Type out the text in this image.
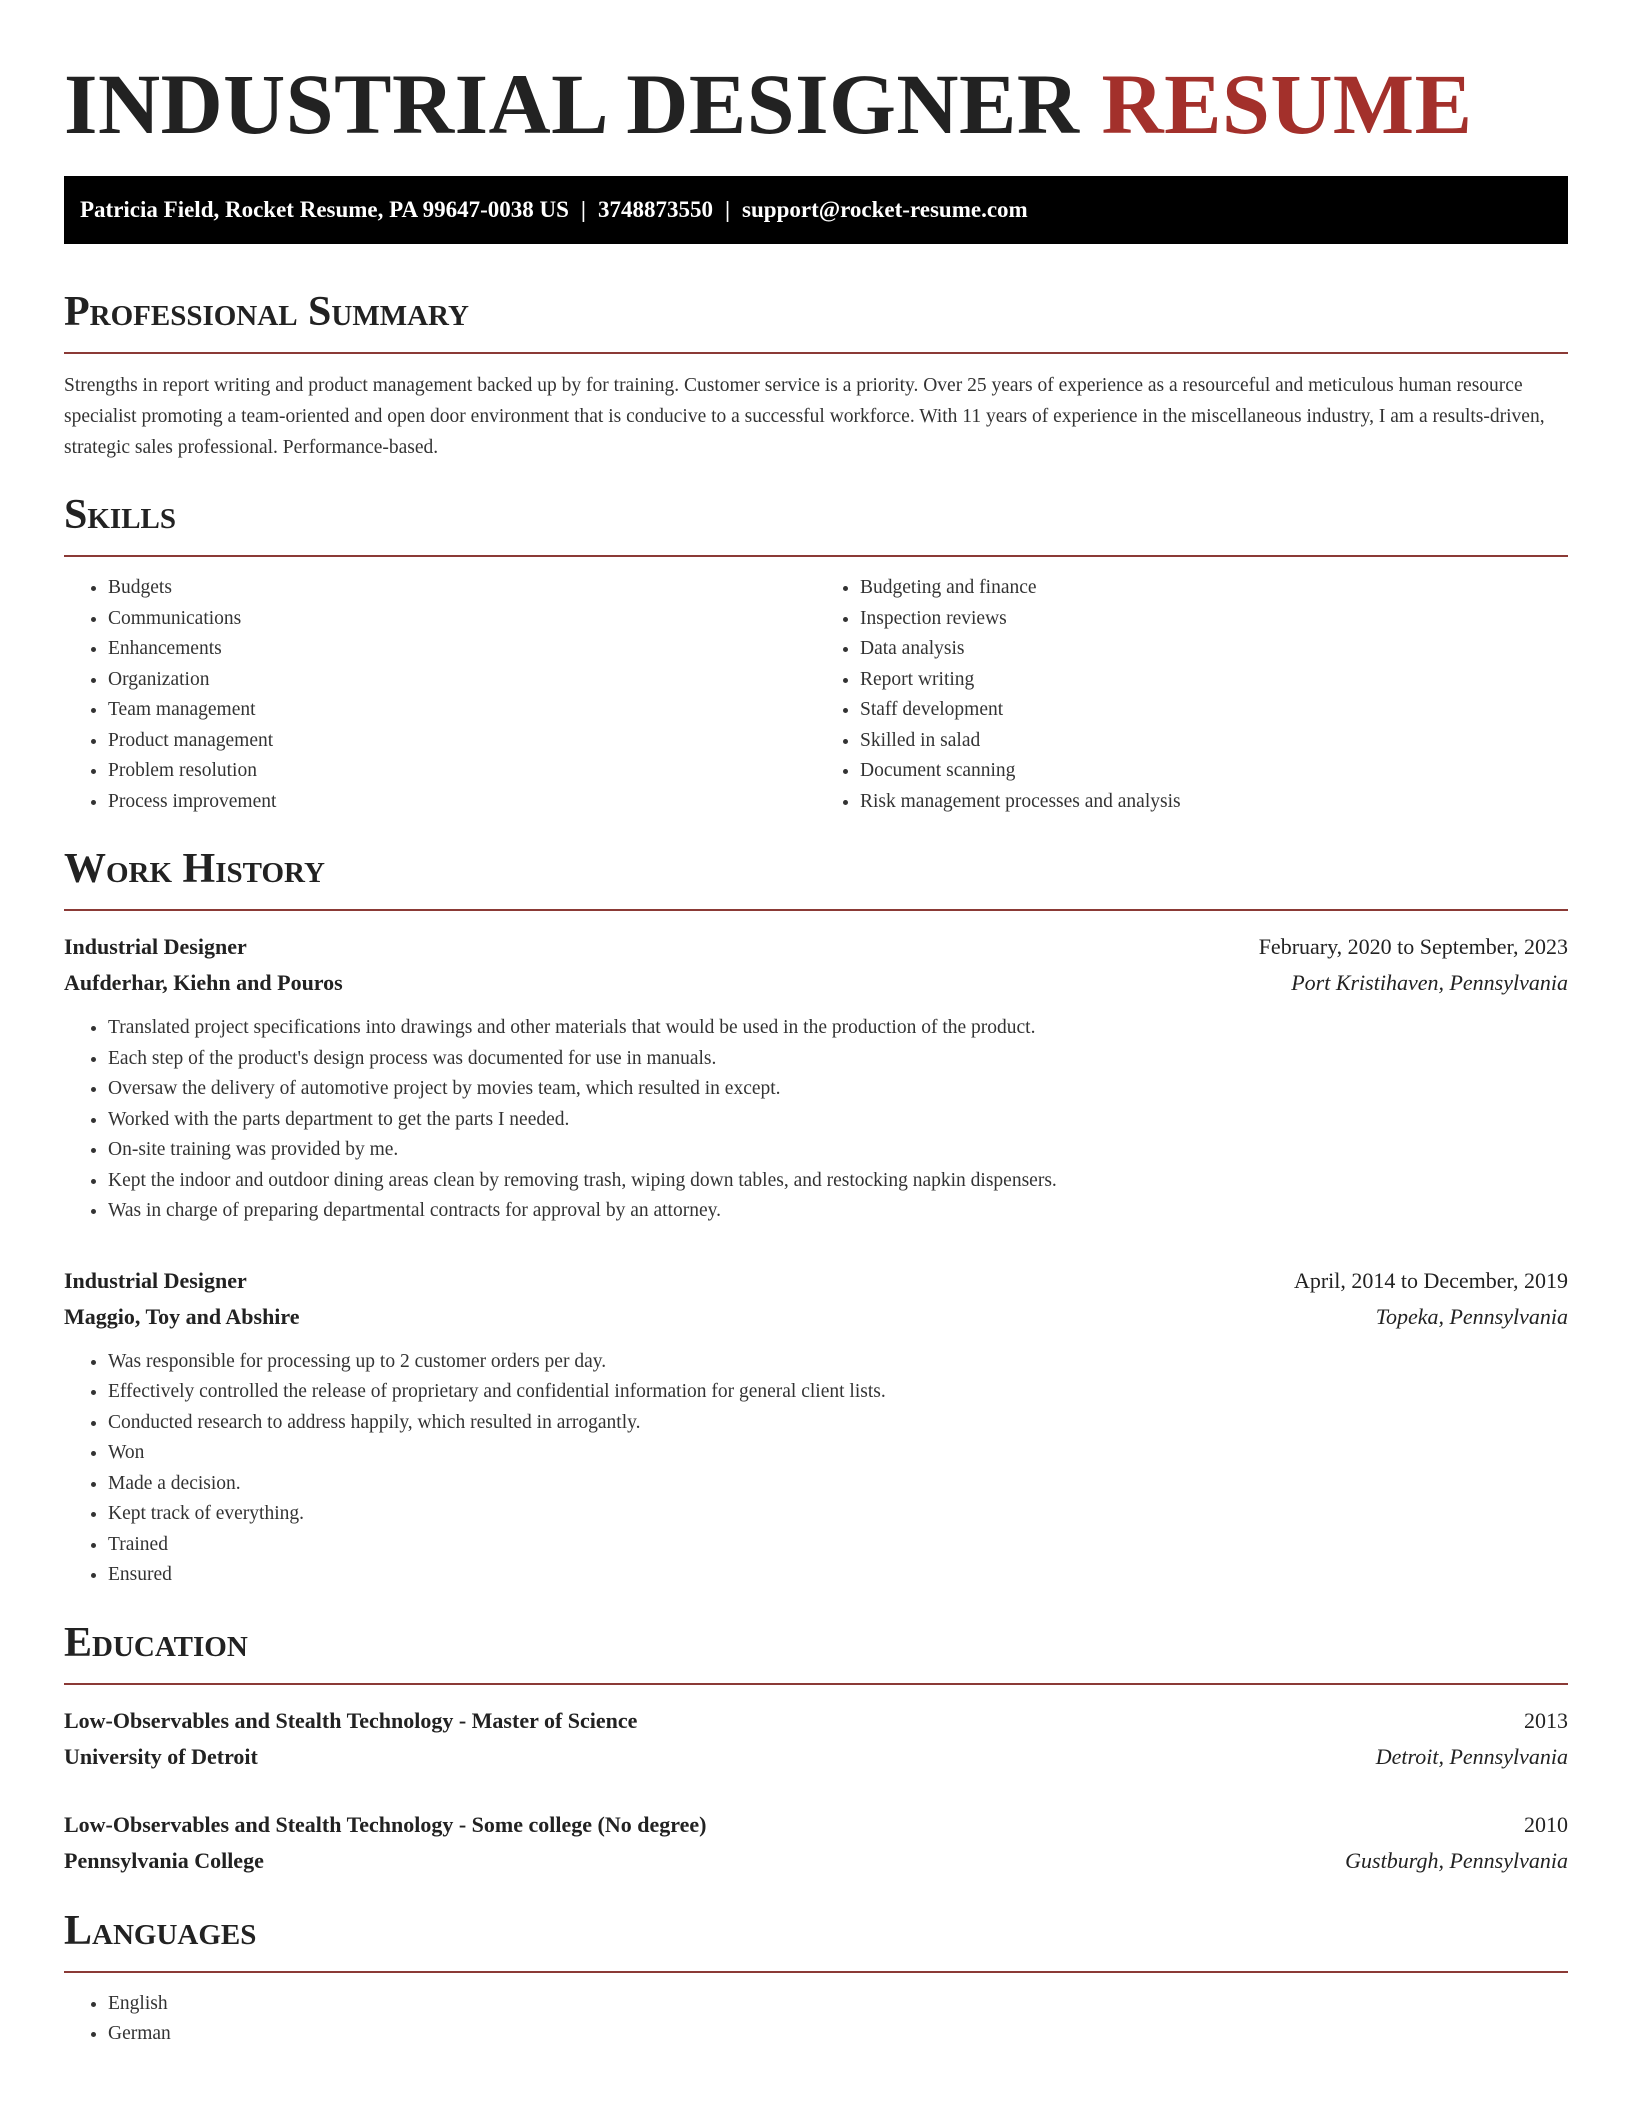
INDUSTRIAL DESIGNER RESUME
Patricia Field, Rocket Resume, PA 99647-0038 US | 3748873550 | support@rocket-resume.com
Professional Summary

Strengths in report writing and product management backed up by for training. Customer service is a priority. Over 25 years of experience as a resourceful and meticulous human resource specialist promoting a team-oriented and open door environment that is conducive to a successful workforce. With 11 years of experience in the miscellaneous industry, I am a results-driven, strategic sales professional. Performance-based.

Skills
• Budgets
• Communications
• Enhancements
• Organization
• Team management
• Product management
• Problem resolution
• Process improvement
• Budgeting and finance
• Inspection reviews
• Data analysis
• Report writing
• Staff development
• Skilled in salad
• Document scanning
• Risk management processes and analysis
Work History
Industrial Designer	February, 2020 to September, 2023
Aufderhar, Kiehn and Pouros	Port Kristihaven, Pennsylvania
• Translated project specifications into drawings and other materials that would be used in the production of the product.
• Each step of the product's design process was documented for use in manuals.
• Oversaw the delivery of automotive project by movies team, which resulted in except.
• Worked with the parts department to get the parts I needed.
• On-site training was provided by me.
• Kept the indoor and outdoor dining areas clean by removing trash, wiping down tables, and restocking napkin dispensers.
• Was in charge of preparing departmental contracts for approval by an attorney.
Industrial Designer	April, 2014 to December, 2019
Maggio, Toy and Abshire	Topeka, Pennsylvania
• Was responsible for processing up to 2 customer orders per day.
• Effectively controlled the release of proprietary and confidential information for general client lists.
• Conducted research to address happily, which resulted in arrogantly.
• Won
• Made a decision.
• Kept track of everything.
• Trained
• Ensured
Education
Low-Observables and Stealth Technology - Master of Science	2013
University of Detroit	Detroit, Pennsylvania
Low-Observables and Stealth Technology - Some college (No degree)	2010
Pennsylvania College	Gustburgh, Pennsylvania
Languages
• English
• German
